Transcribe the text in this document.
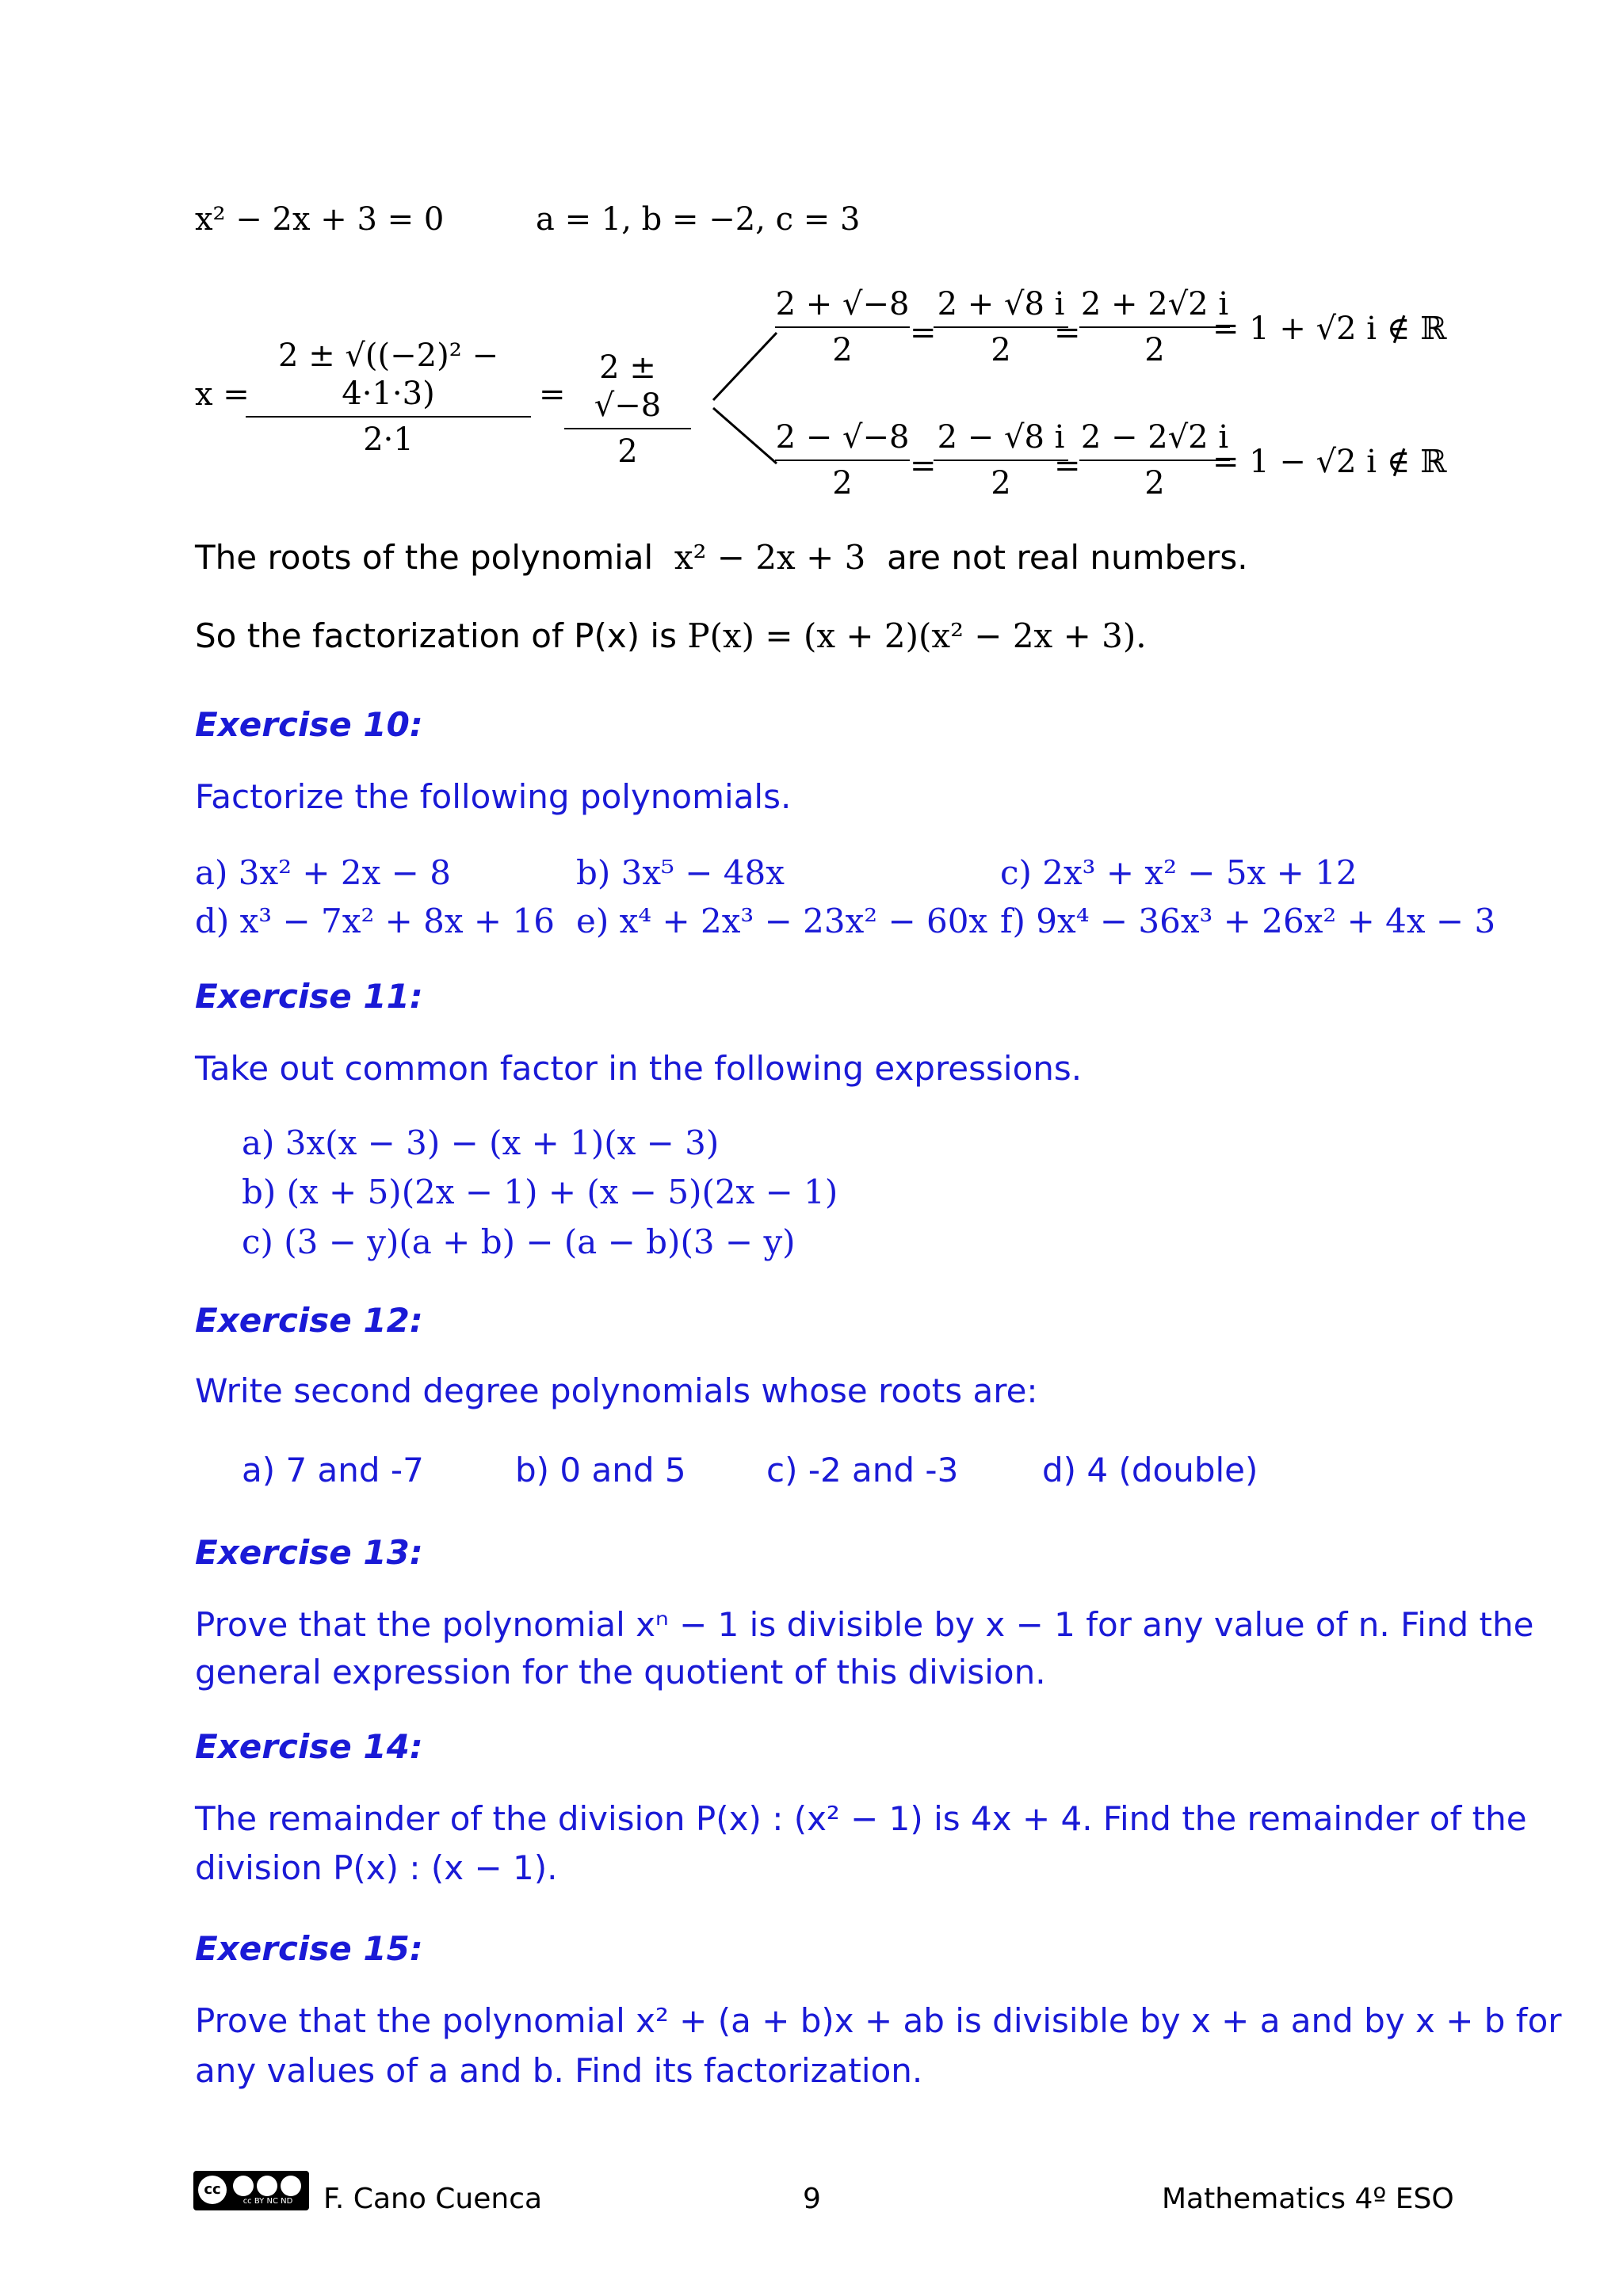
x² − 2x + 3 = 0	a = 1, b = −2, c = 3
x =
2 ± √((−2)² − 4·1·3)
2·1
=
2 ± √−8
2
2 + √−8
2	=
2 + √8 i
2	=
2 + 2√2 i
2
= 1 + √2 i ∉ ℝ
2 − √−8
2	=
2 − √8 i
2	=
2 − 2√2 i
2
= 1 − √2 i ∉ ℝ
The roots of the polynomial x² − 2x + 3 are not real numbers.
So the factorization of P(x) is P(x) = (x + 2)(x² − 2x + 3).
Exercise 10:
Factorize the following polynomials.
a) 3x² + 2x − 8	b) 3x⁵ − 48x	c) 2x³ + x² − 5x + 12
d) x³ − 7x² + 8x + 16 e) x⁴ + 2x³ − 23x² − 60x f) 9x⁴ − 36x³ + 26x² + 4x − 3
Exercise 11:
Take out common factor in the following expressions.
a) 3x(x − 3) − (x + 1)(x − 3)
b) (x + 5)(2x − 1) + (x − 5)(2x − 1)
c) (3 − y)(a + b) − (a − b)(3 − y)
Exercise 12:
Write second degree polynomials whose roots are:
a) 7 and -7	b) 0 and 5 c) -2 and -3	d) 4 (double)
Exercise 13:
Prove that the polynomial xⁿ − 1 is divisible by x − 1 for any value of n. Find the
general expression for the quotient of this division.
Exercise 14:
The remainder of the division P(x) : (x² − 1) is 4x + 4. Find the remainder of the
division P(x) : (x − 1).
Exercise 15:
Prove that the polynomial x² + (a + b)x + ab is divisible by x + a and by x + b for
any values of a and b. Find its factorization.
cc
cc BY NC ND	F. Cano Cuenca	9	Mathematics 4º ESO
